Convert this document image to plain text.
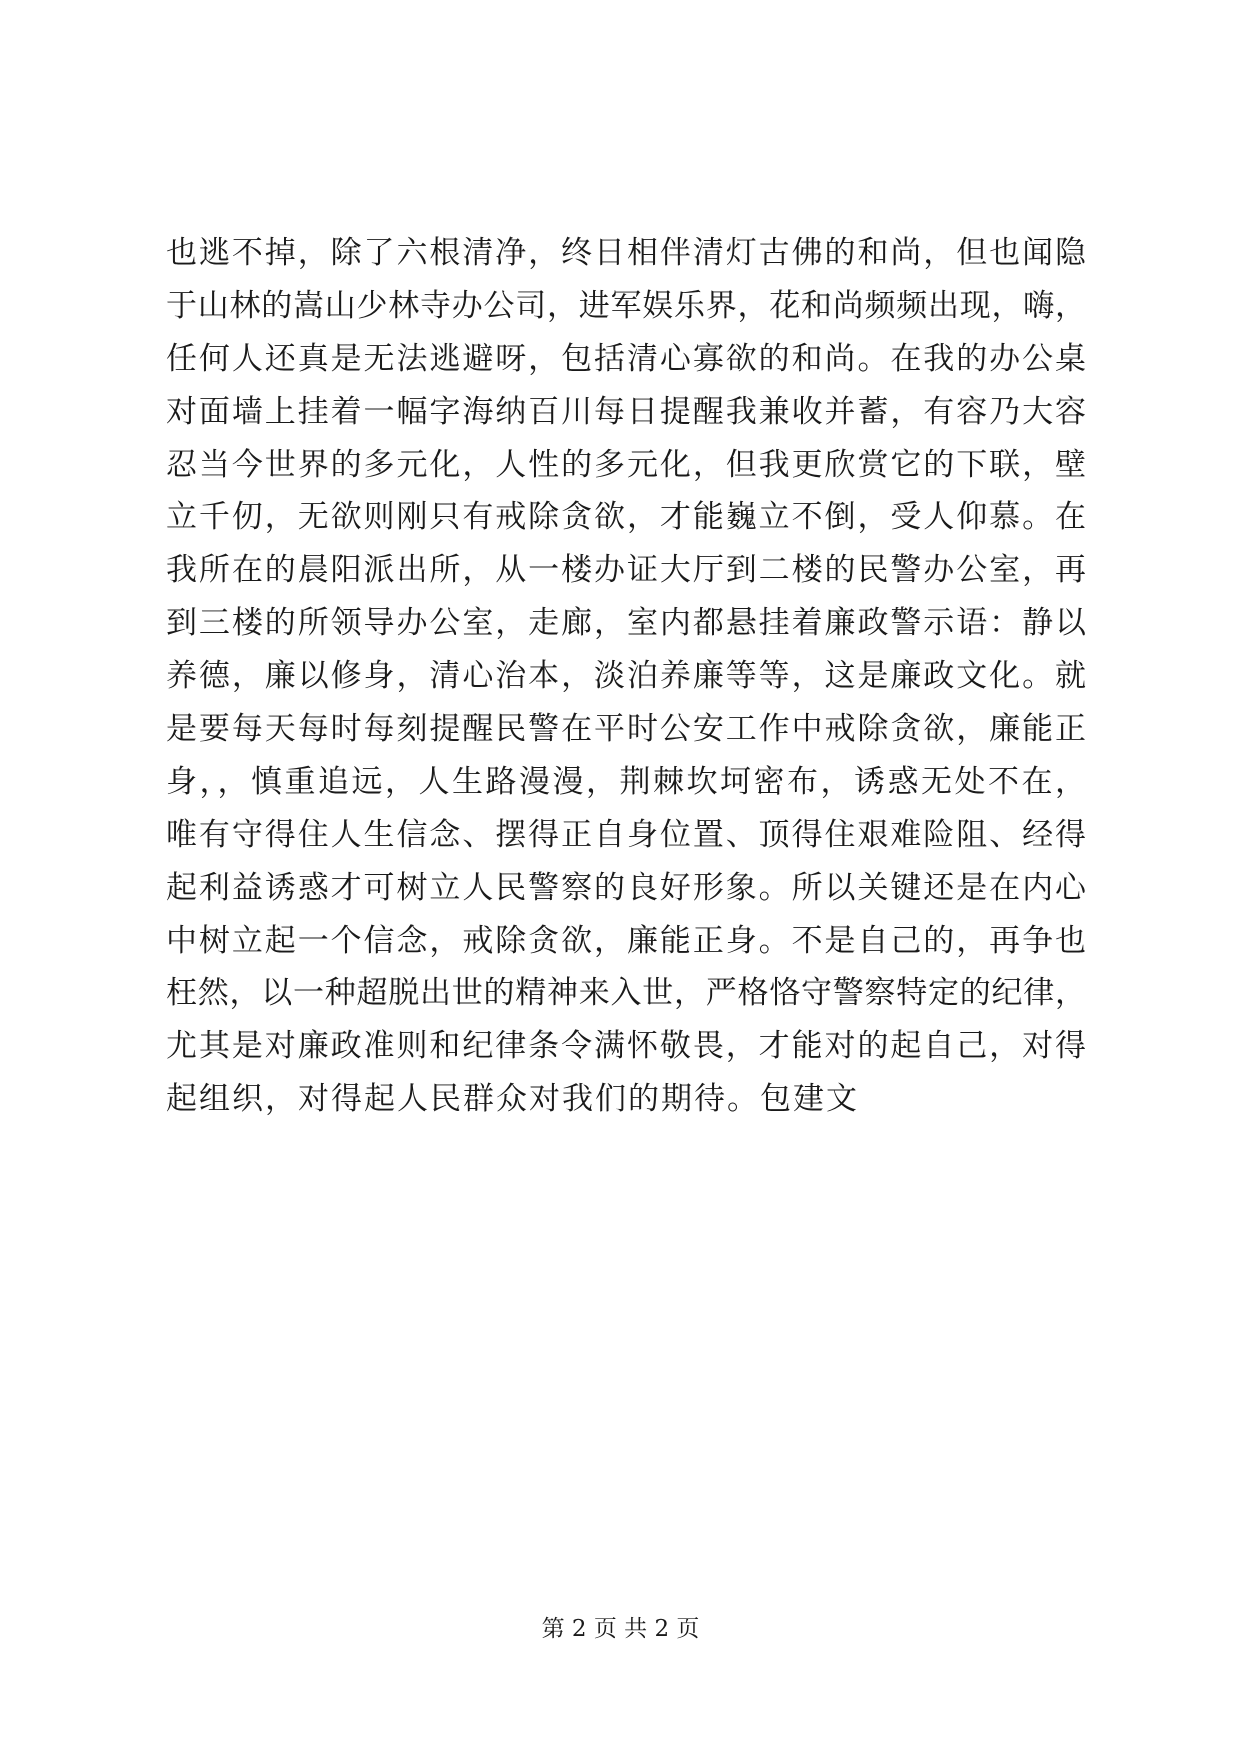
也逃不掉，除了六根清净，终日相伴清灯古佛的和尚，但也闻隐
于山林的嵩山少林寺办公司，进军娱乐界，花和尚频频出现，嗨，
任何人还真是无法逃避呀，包括清心寡欲的和尚。在我的办公桌
对面墙上挂着一幅字海纳百川每日提醒我兼收并蓄，有容乃大容
忍当今世界的多元化，人性的多元化，但我更欣赏它的下联，壁
立千仞，无欲则刚只有戒除贪欲，才能巍立不倒，受人仰慕。在
我所在的晨阳派出所，从一楼办证大厅到二楼的民警办公室，再
到三楼的所领导办公室，走廊，室内都悬挂着廉政警示语：静以
养德，廉以修身，清心治本，淡泊养廉等等，这是廉政文化。就
是要每天每时每刻提醒民警在平时公安工作中戒除贪欲，廉能正
身，，慎重追远，人生路漫漫，荆棘坎坷密布，诱惑无处不在，
唯有守得住人生信念、摆得正自身位置、顶得住艰难险阻、经得
起利益诱惑才可树立人民警察的良好形象。所以关键还是在内心
中树立起一个信念，戒除贪欲，廉能正身。不是自己的，再争也
枉然，以一种超脱出世的精神来入世，严格恪守警察特定的纪律，
尤其是对廉政准则和纪律条令满怀敬畏，才能对的起自己，对得
起组织，对得起人民群众对我们的期待。包建文
第 2 页 共 2 页
